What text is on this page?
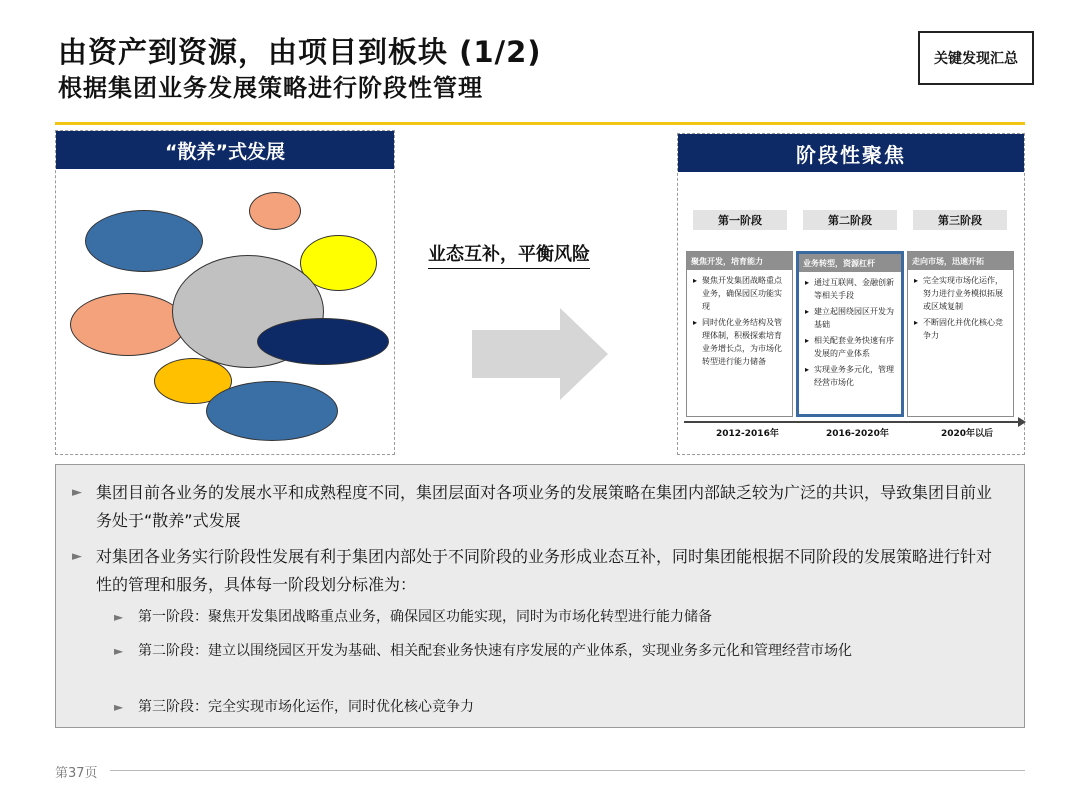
由资产到资源，由项目到板块 (1/2)
根据集团业务发展策略进行阶段性管理
关键发现汇总
“散养”式发展
业态互补，平衡风险
阶段性聚焦
第一阶段	第二阶段	第三阶段
聚焦开发，培育能力
▸ 聚焦开发集团战略重点业务，确保园区功能实现
▸ 同时优化业务结构及管理体制，积极探索培育业务增长点，为市场化转型进行能力储备
业务转型，资源杠杆
▸ 通过互联网、金融创新等相关手段
▸ 建立起围绕园区开发为基础
▸ 相关配套业务快速有序发展的产业体系
▸ 实现业务多元化，管理经营市场化
走向市场，迅速开拓
▸ 完全实现市场化运作，努力进行业务模拟拓展或区域复制
▸ 不断固化并优化核心竞争力
2012-2016年	2016-2020年	2020年以后
► 集团目前各业务的发展水平和成熟程度不同，集团层面对各项业务的发展策略在集团内部缺乏较为广泛的共识，导致集团目前业务处于“散养”式发展
► 对集团各业务实行阶段性发展有利于集团内部处于不同阶段的业务形成业态互补，同时集团能根据不同阶段的发展策略进行针对性的管理和服务，具体每一阶段划分标准为：
► 第一阶段：聚焦开发集团战略重点业务，确保园区功能实现，同时为市场化转型进行能力储备
► 第二阶段：建立以围绕园区开发为基础、相关配套业务快速有序发展的产业体系，实现业务多元化和管理经营市场化
► 第三阶段：完全实现市场化运作，同时优化核心竞争力
第37页
